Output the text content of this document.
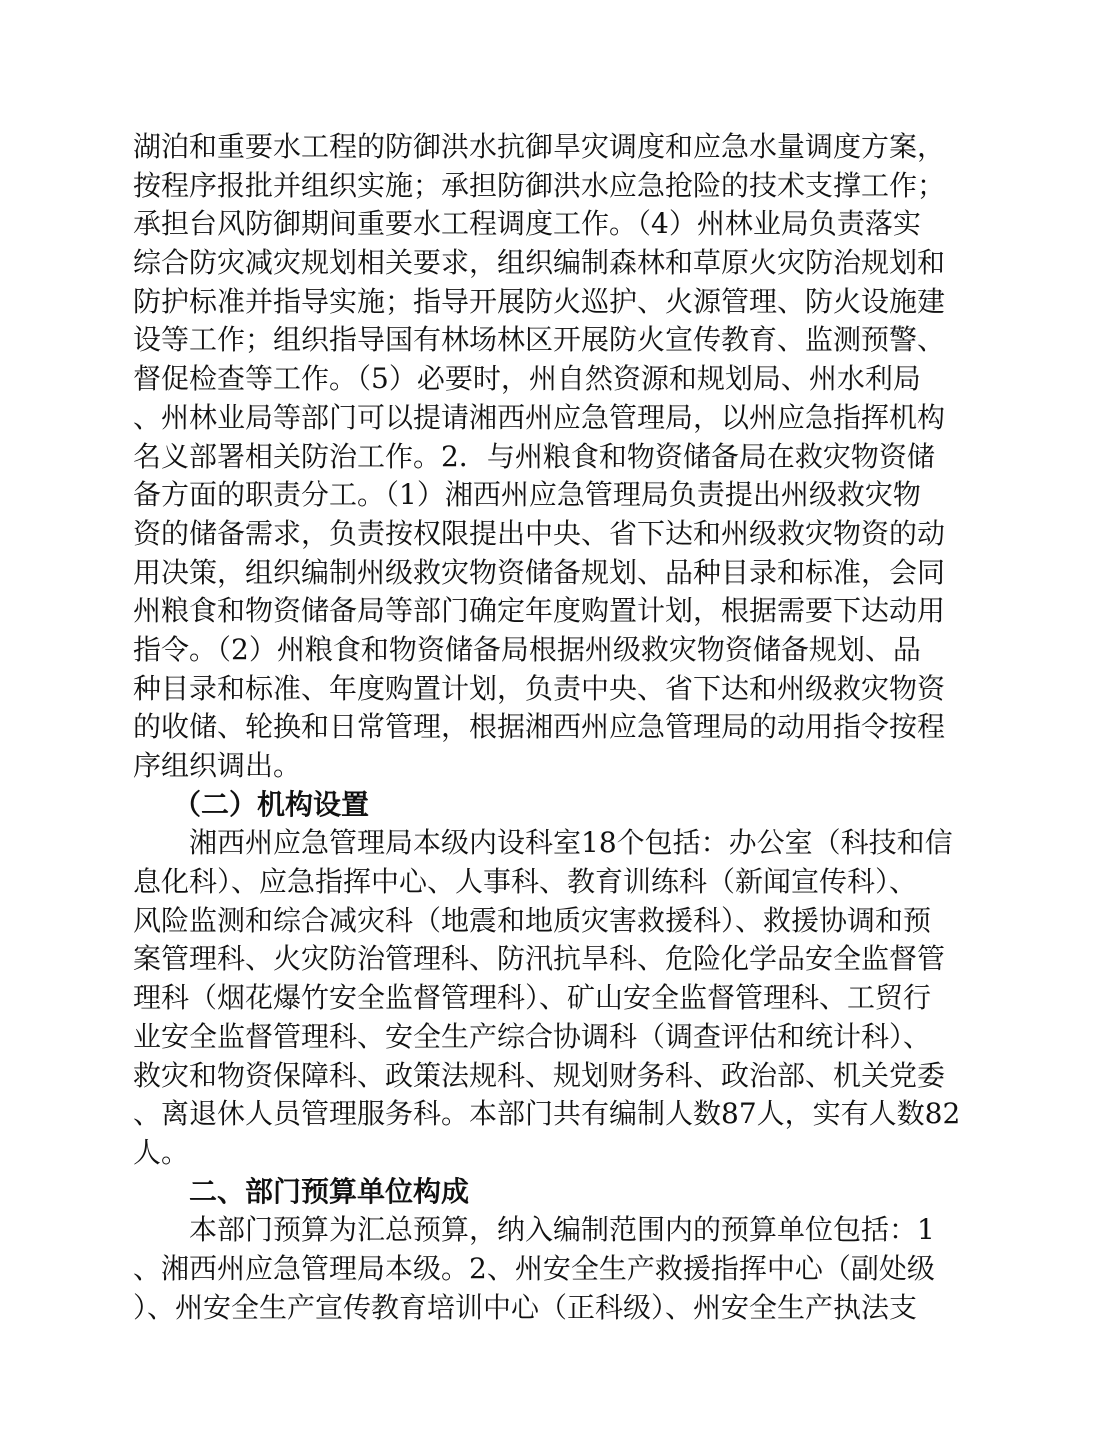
湖泊和重要水工程的防御洪水抗御旱灾调度和应急水量调度方案，
按程序报批并组织实施；承担防御洪水应急抢险的技术支撑工作；
承担台风防御期间重要水工程调度工作。（4）州林业局负责落实
综合防灾减灾规划相关要求，组织编制森林和草原火灾防治规划和
防护标准并指导实施；指导开展防火巡护、火源管理、防火设施建
设等工作；组织指导国有林场林区开展防火宣传教育、监测预警、
督促检查等工作。（5）必要时，州自然资源和规划局、州水利局
、州林业局等部门可以提请湘西州应急管理局，以州应急指挥机构
名义部署相关防治工作。2．与州粮食和物资储备局在救灾物资储
备方面的职责分工。（1）湘西州应急管理局负责提出州级救灾物
资的储备需求，负责按权限提出中央、省下达和州级救灾物资的动
用决策，组织编制州级救灾物资储备规划、品种目录和标准，会同
州粮食和物资储备局等部门确定年度购置计划，根据需要下达动用
指令。（2）州粮食和物资储备局根据州级救灾物资储备规划、品
种目录和标准、年度购置计划，负责中央、省下达和州级救灾物资
的收储、轮换和日常管理，根据湘西州应急管理局的动用指令按程
序组织调出。
（二）机构设置
湘西州应急管理局本级内设科室18个包括：办公室（科技和信
息化科）、应急指挥中心、人事科、教育训练科（新闻宣传科）、
风险监测和综合减灾科（地震和地质灾害救援科）、救援协调和预
案管理科、火灾防治管理科、防汛抗旱科、危险化学品安全监督管
理科（烟花爆竹安全监督管理科）、矿山安全监督管理科、工贸行
业安全监督管理科、安全生产综合协调科（调查评估和统计科）、
救灾和物资保障科、政策法规科、规划财务科、政治部、机关党委
、离退休人员管理服务科。本部门共有编制人数87人，实有人数82
人。
二、部门预算单位构成
本部门预算为汇总预算，纳入编制范围内的预算单位包括：1
、湘西州应急管理局本级。2、州安全生产救援指挥中心（副处级
）、州安全生产宣传教育培训中心（正科级）、州安全生产执法支
